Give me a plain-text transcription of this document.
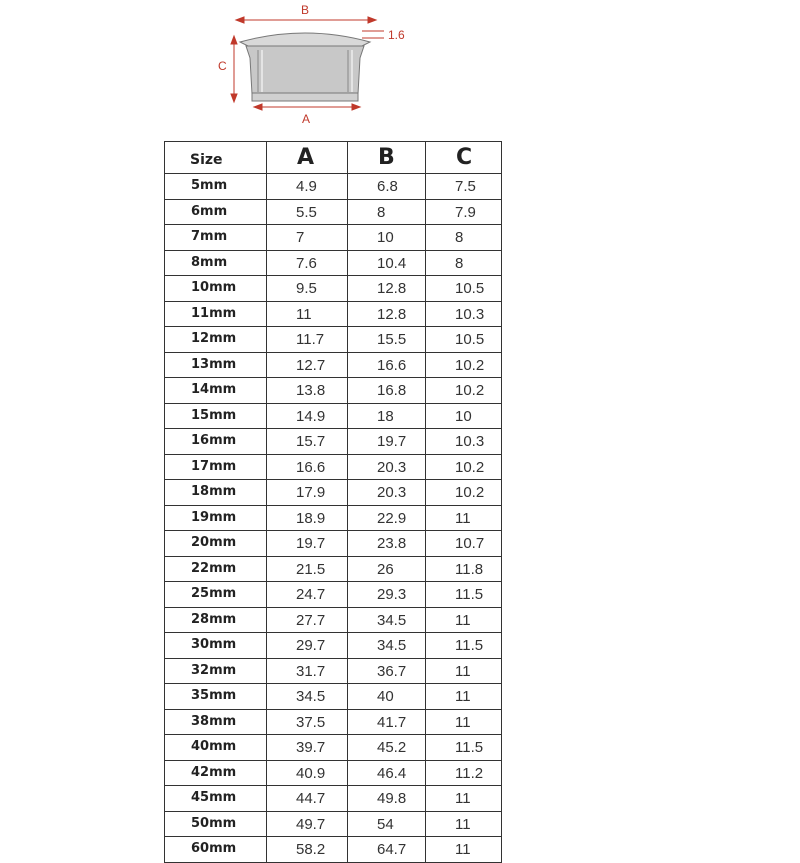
B
C
1.6
A
Size	A	B	C
5mm	4.9	6.8	7.5
6mm	5.5	8	7.9
7mm	7	10	8
8mm	7.6	10.4	8
10mm	9.5	12.8	10.5
11mm	11	12.8	10.3
12mm	11.7	15.5	10.5
13mm	12.7	16.6	10.2
14mm	13.8	16.8	10.2
15mm	14.9	18	10
16mm	15.7	19.7	10.3
17mm	16.6	20.3	10.2
18mm	17.9	20.3	10.2
19mm	18.9	22.9	11
20mm	19.7	23.8	10.7
22mm	21.5	26	11.8
25mm	24.7	29.3	11.5
28mm	27.7	34.5	11
30mm	29.7	34.5	11.5
32mm	31.7	36.7	11
35mm	34.5	40	11
38mm	37.5	41.7	11
40mm	39.7	45.2	11.5
42mm	40.9	46.4	11.2
45mm	44.7	49.8	11
50mm	49.7	54	11
60mm	58.2	64.7	11
